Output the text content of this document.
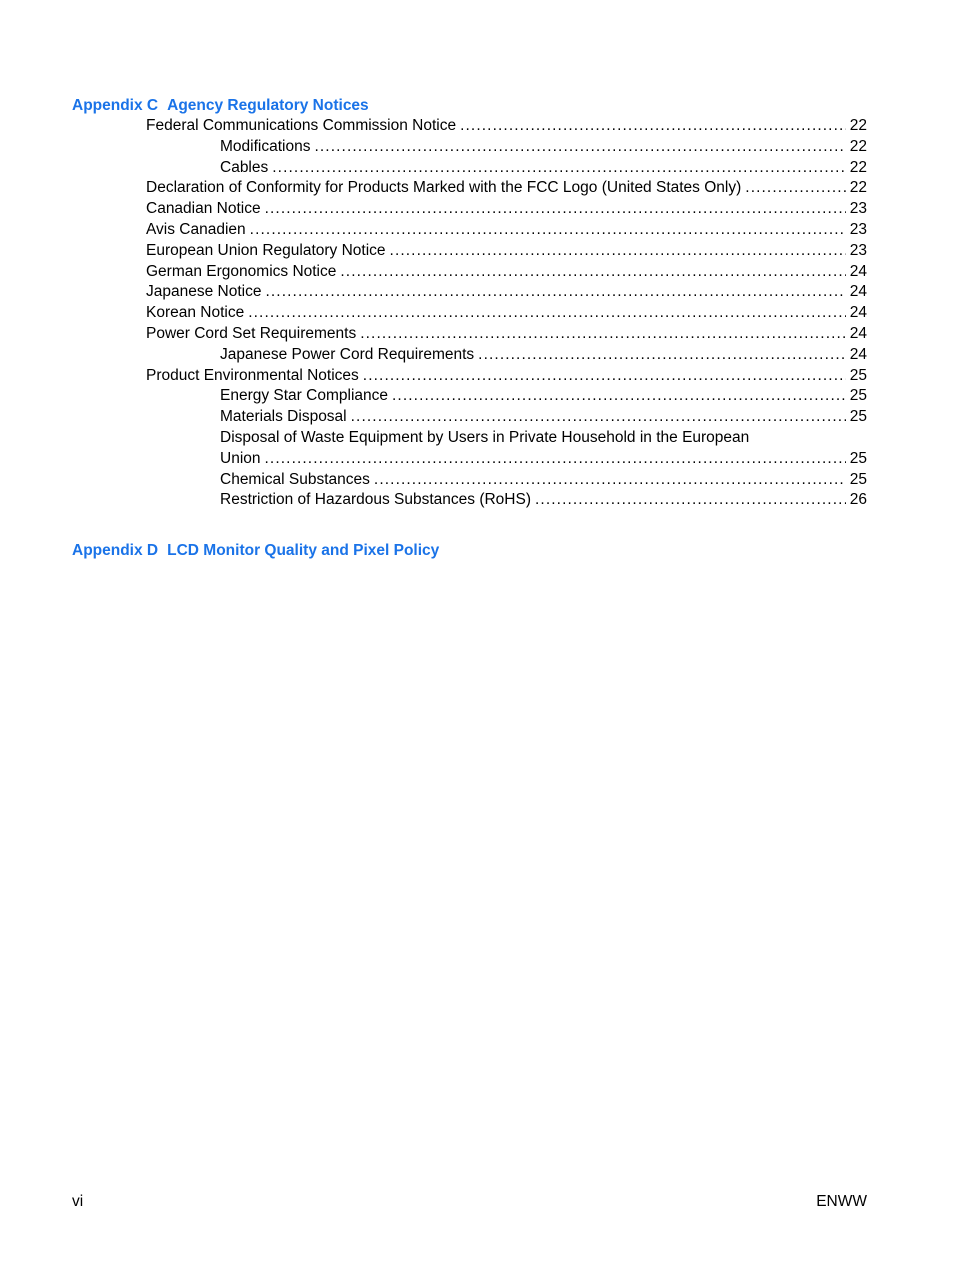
Appendix C Agency Regulatory Notices
Federal Communications Commission Notice . . .	22
Modifications . . .	22
Cables . . .	22
Declaration of Conformity for Products Marked with the FCC Logo (United States Only) . . .	22
Canadian Notice . . .	23
Avis Canadien . . .	23
European Union Regulatory Notice . . .	23
German Ergonomics Notice . . .	24
Japanese Notice . . .	24
Korean Notice . . .	24
Power Cord Set Requirements . . .	24
Japanese Power Cord Requirements . . .	24
Product Environmental Notices . . .	25
Energy Star Compliance . . .	25
Materials Disposal . . .	25
Disposal of Waste Equipment by Users in Private Household in the European
Union . . .	25
Chemical Substances . . .	25
Restriction of Hazardous Substances (RoHS) . . .	26
Appendix D LCD Monitor Quality and Pixel Policy
vi	ENWW
